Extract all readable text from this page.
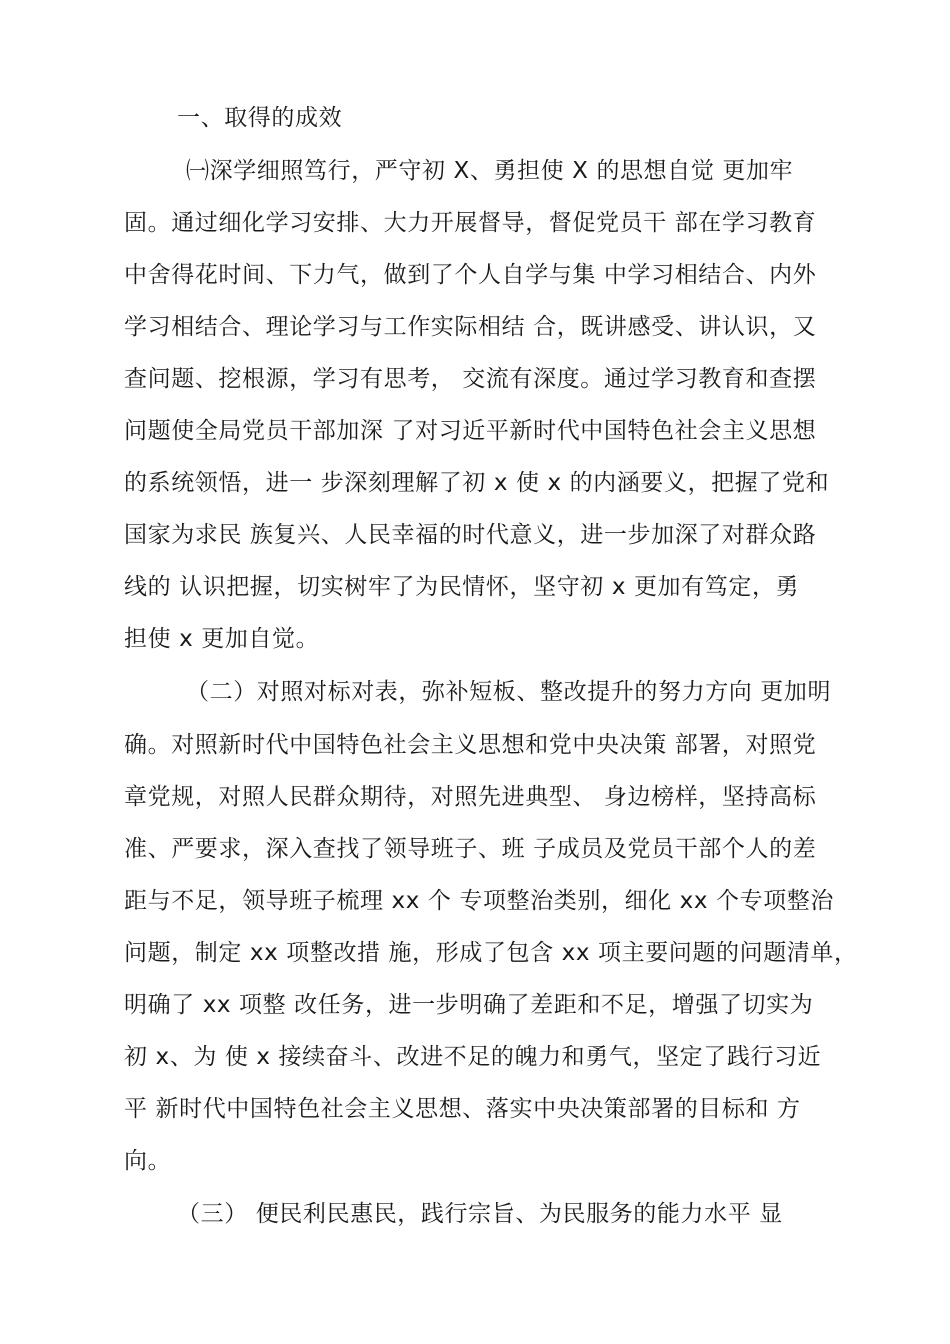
一、取得的成效
㈠深学细照笃行，严守初 X、勇担使 X 的思想自觉 更加牢
固。通过细化学习安排、大力开展督导，督促党员干 部在学习教育
中舍得花时间、下力气，做到了个人自学与集 中学习相结合、内外
学习相结合、理论学习与工作实际相结 合，既讲感受、讲认识，又
查问题、挖根源，学习有思考， 交流有深度。通过学习教育和查摆
问题使全局党员干部加深 了对习近平新时代中国特色社会主义思想
的系统领悟，进一 步深刻理解了初 x 使 x 的内涵要义，把握了党和
国家为求民 族复兴、人民幸福的时代意义，进一步加深了对群众路
线的 认识把握，切实树牢了为民情怀，坚守初 x 更加有笃定，勇
担使 x 更加自觉。
（二）对照对标对表，弥补短板、整改提升的努力方向 更加明
确。对照新时代中国特色社会主义思想和党中央决策 部署，对照党
章党规，对照人民群众期待，对照先进典型、 身边榜样，坚持高标
准、严要求，深入查找了领导班子、班 子成员及党员干部个人的差
距与不足，领导班子梳理 xx 个 专项整治类别，细化 xx 个专项整治
问题，制定 xx 项整改措 施，形成了包含 xx 项主要问题的问题清单，
明确了 xx 项整 改任务，进一步明确了差距和不足，增强了切实为
初 x、为 使 x 接续奋斗、改进不足的魄力和勇气，坚定了践行习近
平 新时代中国特色社会主义思想、落实中央决策部署的目标和 方
向。
（三） 便民利民惠民，践行宗旨、为民服务的能力水平 显
